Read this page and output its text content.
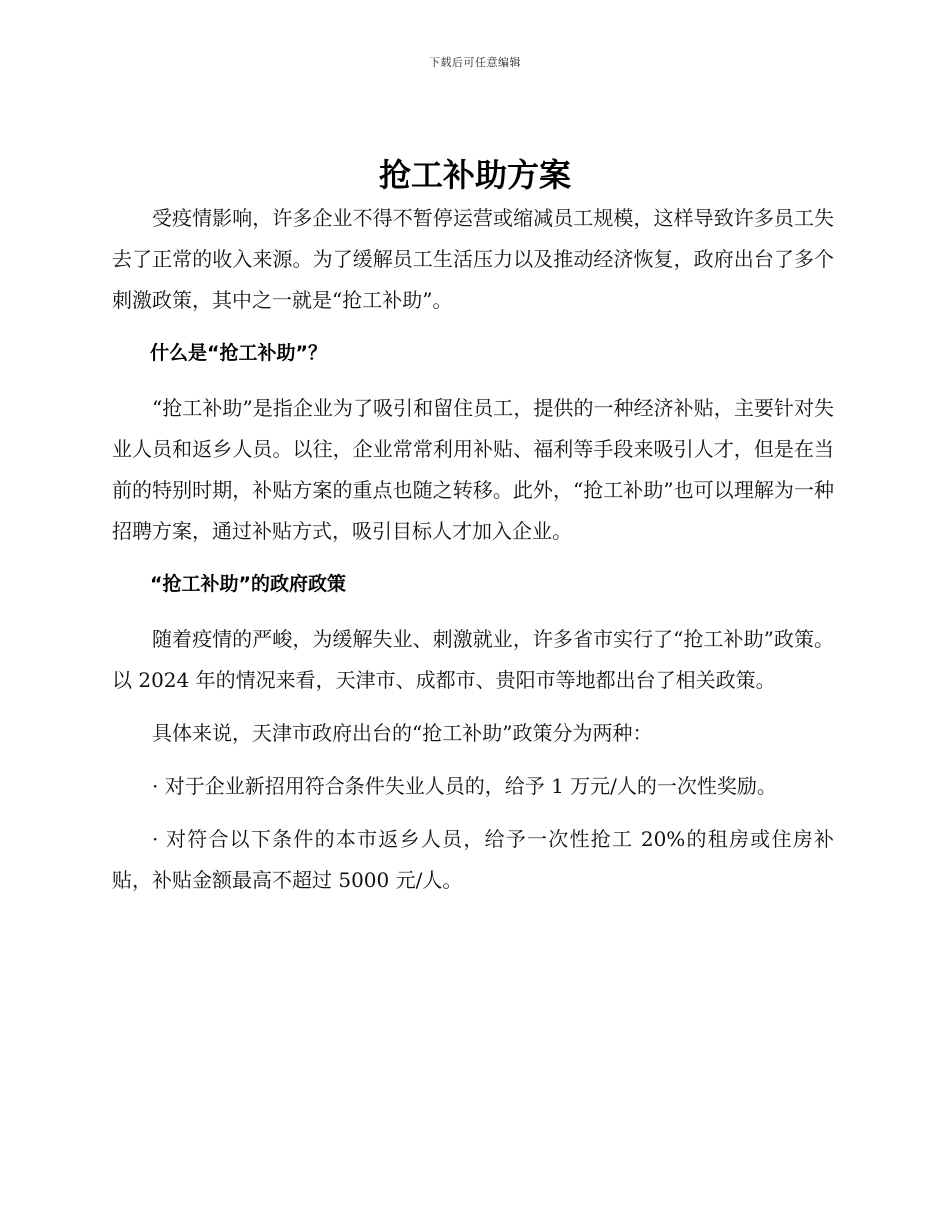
下载后可任意编辑
抢工补助方案

受疫情影响，许多企业不得不暂停运营或缩减员工规模，这样导致许多员工失去了正常的收入来源。为了缓解员工生活压力以及推动经济恢复，政府出台了多个刺激政策，其中之一就是“抢工补助”。

什么是“抢工补助”？

“抢工补助”是指企业为了吸引和留住员工，提供的一种经济补贴，主要针对失业人员和返乡人员。以往，企业常常利用补贴、福利等手段来吸引人才，但是在当前的特别时期，补贴方案的重点也随之转移。此外，“抢工补助”也可以理解为一种招聘方案，通过补贴方式，吸引目标人才加入企业。

“抢工补助”的政府政策

随着疫情的严峻，为缓解失业、刺激就业，许多省市实行了“抢工补助”政策。以 2024 年的情况来看，天津市、成都市、贵阳市等地都出台了相关政策。

具体来说，天津市政府出台的“抢工补助”政策分为两种：

· 对于企业新招用符合条件失业人员的，给予 1 万元/人的一次性奖励。

· 对符合以下条件的本市返乡人员，给予一次性抢工 20%的租房或住房补贴，补贴金额最高不超过 5000 元/人。
